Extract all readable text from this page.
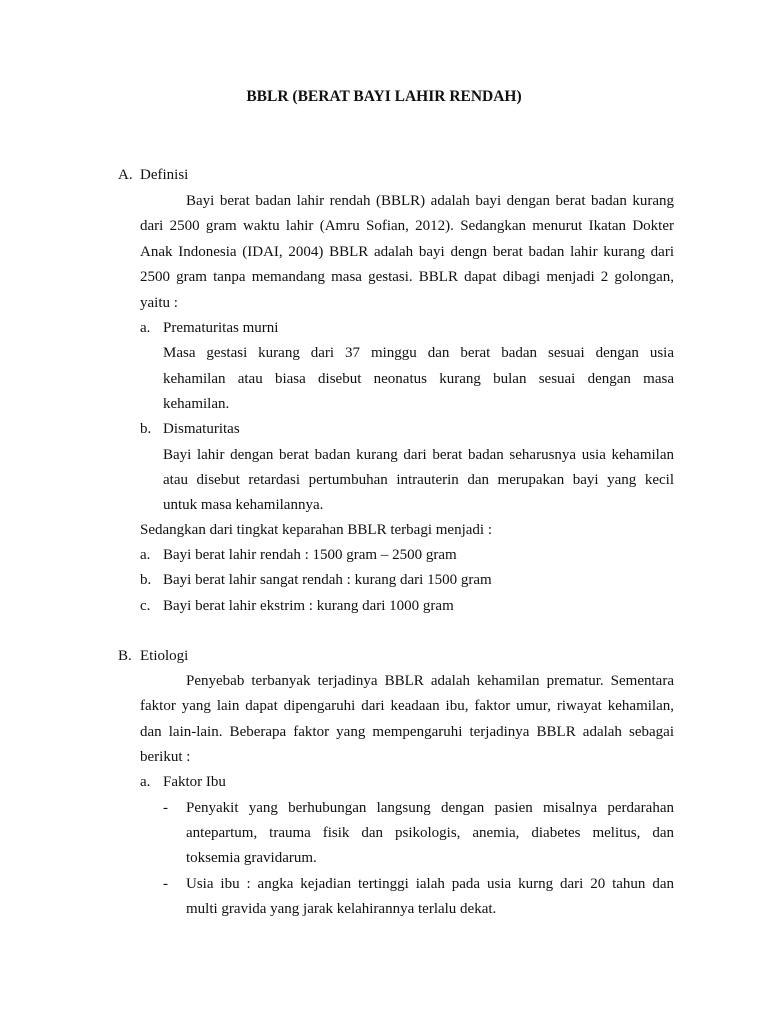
BBLR (BERAT BAYI LAHIR RENDAH)
A. Definisi
Bayi berat badan lahir rendah (BBLR) adalah bayi dengan berat badan kurang
dari 2500 gram waktu lahir (Amru Sofian, 2012). Sedangkan menurut Ikatan Dokter
Anak Indonesia (IDAI, 2004) BBLR adalah bayi dengn berat badan lahir kurang dari
2500 gram tanpa memandang masa gestasi. BBLR dapat dibagi menjadi 2 golongan,
yaitu :
a. Prematuritas murni
Masa gestasi kurang dari 37 minggu dan berat badan sesuai dengan usia
kehamilan atau biasa disebut neonatus kurang bulan sesuai dengan masa
kehamilan.
b. Dismaturitas
Bayi lahir dengan berat badan kurang dari berat badan seharusnya usia kehamilan
atau disebut retardasi pertumbuhan intrauterin dan merupakan bayi yang kecil
untuk masa kehamilannya.
Sedangkan dari tingkat keparahan BBLR terbagi menjadi :
a. Bayi berat lahir rendah : 1500 gram – 2500 gram
b. Bayi berat lahir sangat rendah : kurang dari 1500 gram
c. Bayi berat lahir ekstrim : kurang dari 1000 gram
B. Etiologi
Penyebab terbanyak terjadinya BBLR adalah kehamilan prematur. Sementara
faktor yang lain dapat dipengaruhi dari keadaan ibu, faktor umur, riwayat kehamilan,
dan lain-lain. Beberapa faktor yang mempengaruhi terjadinya BBLR adalah sebagai
berikut :
a. Faktor Ibu
- Penyakit yang berhubungan langsung dengan pasien misalnya perdarahan
antepartum, trauma fisik dan psikologis, anemia, diabetes melitus, dan
toksemia gravidarum.
- Usia ibu : angka kejadian tertinggi ialah pada usia kurng dari 20 tahun dan
multi gravida yang jarak kelahirannya terlalu dekat.
